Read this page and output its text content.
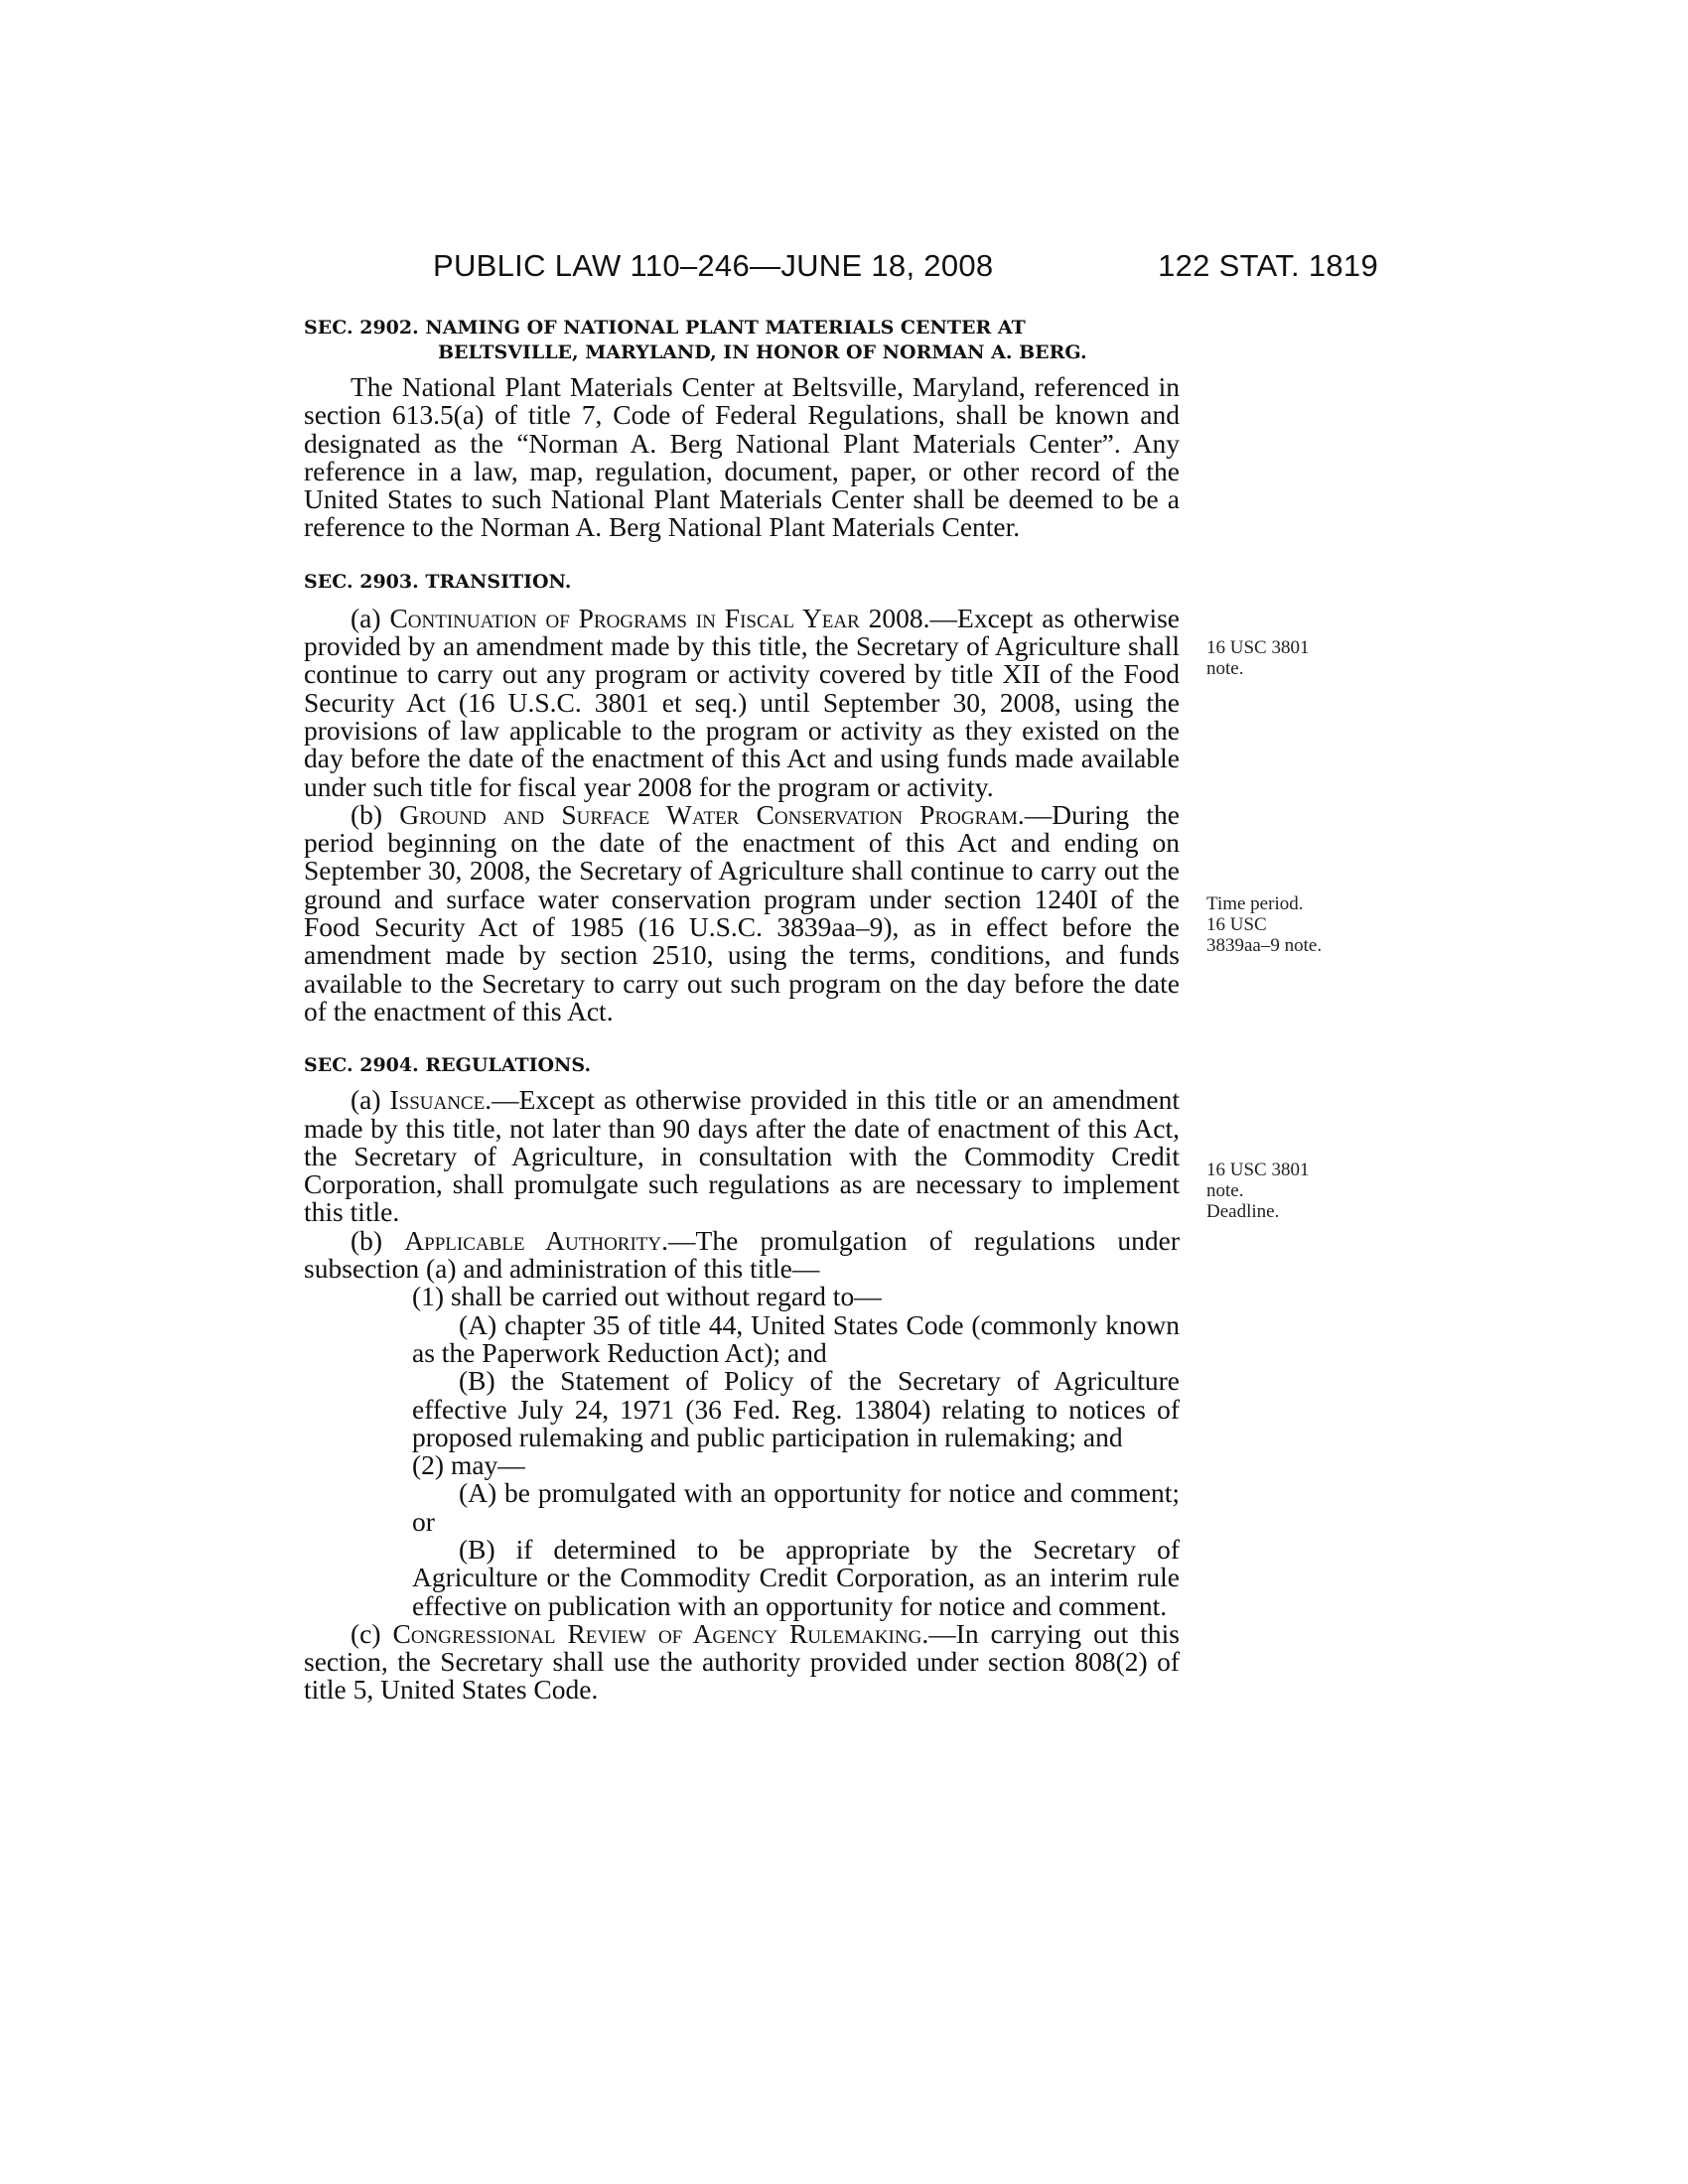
PUBLIC LAW 110–246—JUNE 18, 2008	122 STAT. 1819
SEC. 2902. NAMING OF NATIONAL PLANT MATERIALS CENTER AT
BELTSVILLE, MARYLAND, IN HONOR OF NORMAN A. BERG.

The National Plant Materials Center at Beltsville, Maryland, referenced in section 613.5(a) of title 7, Code of Federal Regulations, shall be known and designated as the “Norman A. Berg National Plant Materials Center”. Any reference in a law, map, regulation, document, paper, or other record of the United States to such National Plant Materials Center shall be deemed to be a reference to the Norman A. Berg National Plant Materials Center.

SEC. 2903. TRANSITION.

(a) Continuation of Programs in Fiscal Year 2008.—Except as otherwise provided by an amendment made by this title, the Secretary of Agriculture shall continue to carry out any program or activity covered by title XII of the Food Security Act (16 U.S.C. 3801 et seq.) until September 30, 2008, using the provisions of law applicable to the program or activity as they existed on the day before the date of the enactment of this Act and using funds made available under such title for fiscal year 2008 for the program or activity.

(b) Ground and Surface Water Conservation Program.—During the period beginning on the date of the enactment of this Act and ending on September 30, 2008, the Secretary of Agriculture shall continue to carry out the ground and surface water conservation program under section 1240I of the Food Security Act of 1985 (16 U.S.C. 3839aa–9), as in effect before the amendment made by section 2510, using the terms, conditions, and funds available to the Secretary to carry out such program on the day before the date of the enactment of this Act.

SEC. 2904. REGULATIONS.

(a) Issuance.—Except as otherwise provided in this title or an amendment made by this title, not later than 90 days after the date of enactment of this Act, the Secretary of Agriculture, in consultation with the Commodity Credit Corporation, shall promulgate such regulations as are necessary to implement this title.

(b) Applicable Authority.—The promulgation of regulations under subsection (a) and administration of this title—

(1) shall be carried out without regard to—

(A) chapter 35 of title 44, United States Code (commonly known as the Paperwork Reduction Act); and

(B) the Statement of Policy of the Secretary of Agriculture effective July 24, 1971 (36 Fed. Reg. 13804) relating to notices of proposed rulemaking and public participation in rulemaking; and

(2) may—

(A) be promulgated with an opportunity for notice and comment; or

(B) if determined to be appropriate by the Secretary of Agriculture or the Commodity Credit Corporation, as an interim rule effective on publication with an opportunity for notice and comment.

(c) Congressional Review of Agency Rulemaking.—In carrying out this section, the Secretary shall use the authority provided under section 808(2) of title 5, United States Code.

16 USC 3801
note.
Time period.
16 USC
3839aa–9 note.
16 USC 3801
note.
Deadline.
